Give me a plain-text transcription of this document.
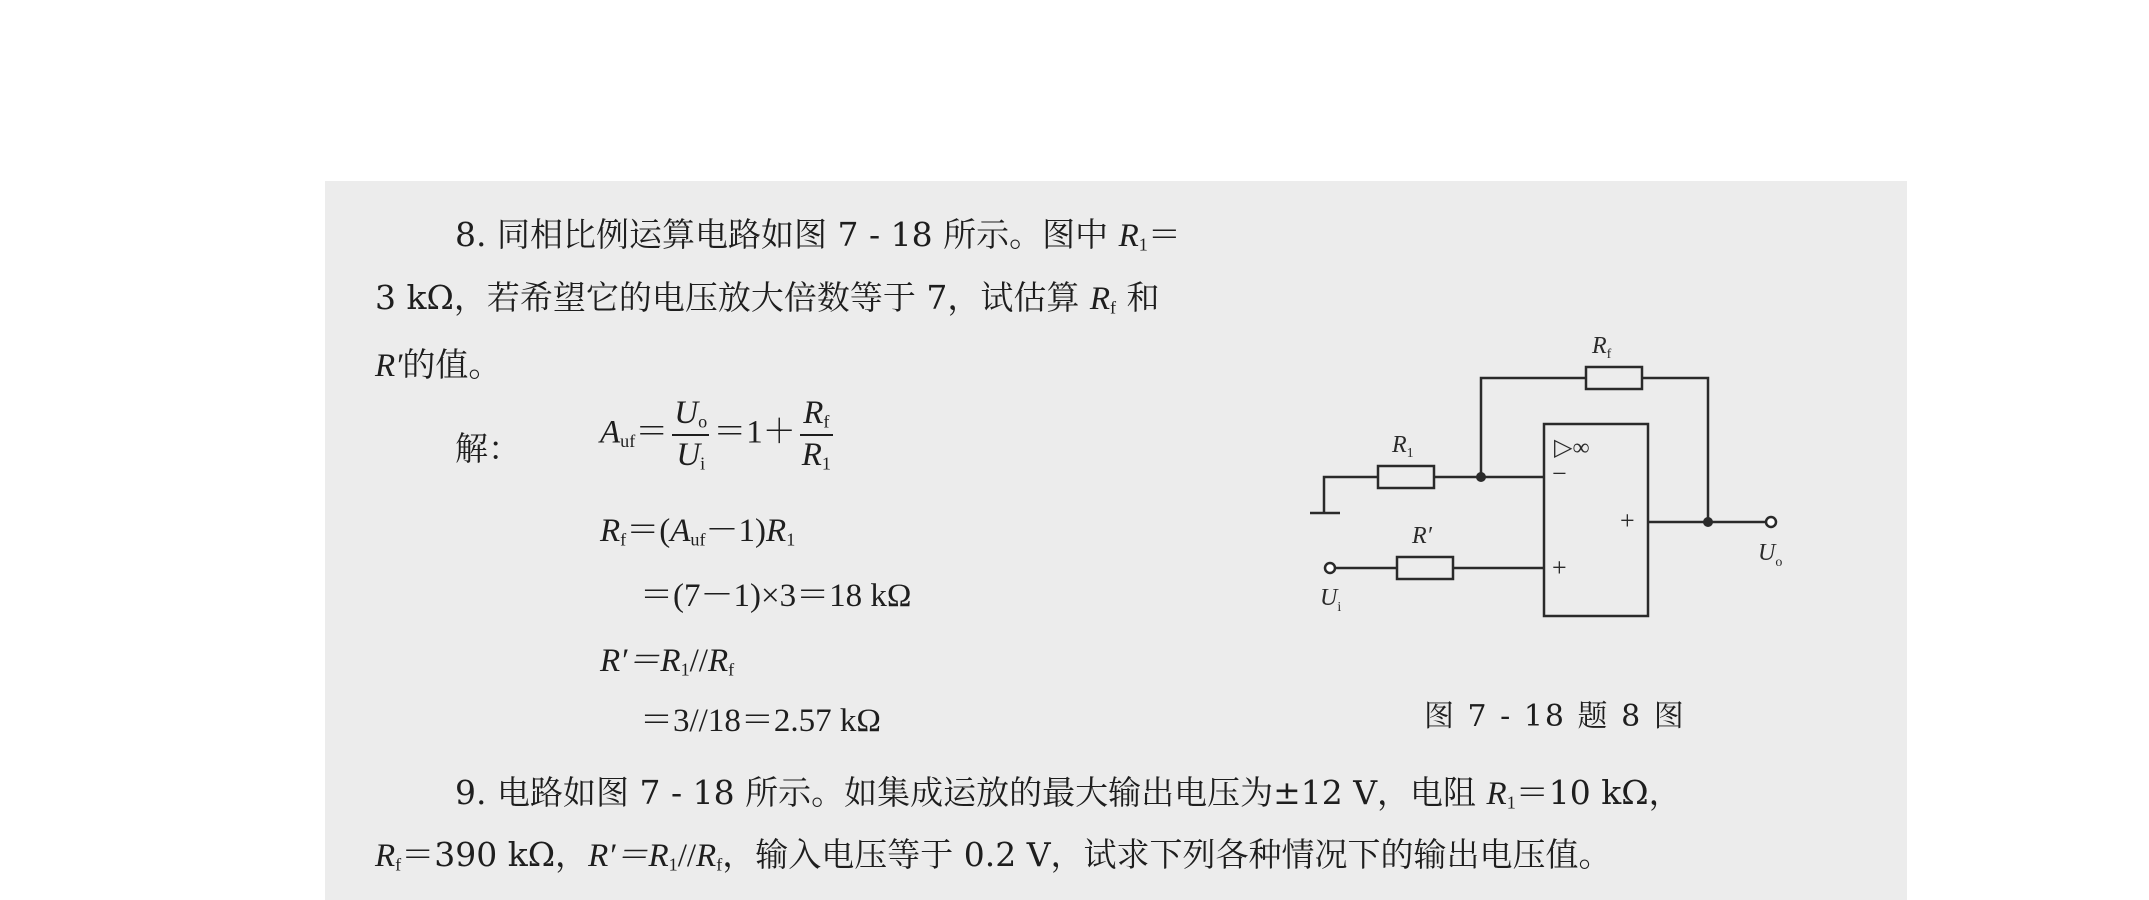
8. 同相比例运算电路如图 7 - 18 所示。图中 $R_1=$
3 kΩ，若希望它的电压放大倍数等于 7，试估算 $R_f$ 和
R′的值。
解： $A_{uf}= \frac{U_o}{U_i} =1+ \frac{R_f}{R_1}$
$R_f=(A_{uf}-1)R_1$
＝(7－1)×3＝18 kΩ
$R'=R_1//R_f$
＝3//18＝2.57 kΩ
$R_f$
$R_1$
R′
▷∞
−
+
+
$U_i$
$U_o$
图 7 - 18 题 8 图
9. 电路如图 7 - 18 所示。如集成运放的最大输出电压为±12 V，电阻 $R_1=10$ kΩ，
$R_f=390$ kΩ，$R'=R_1//R_f$，输入电压等于 0.2 V，试求下列各种情况下的输出电压值。
